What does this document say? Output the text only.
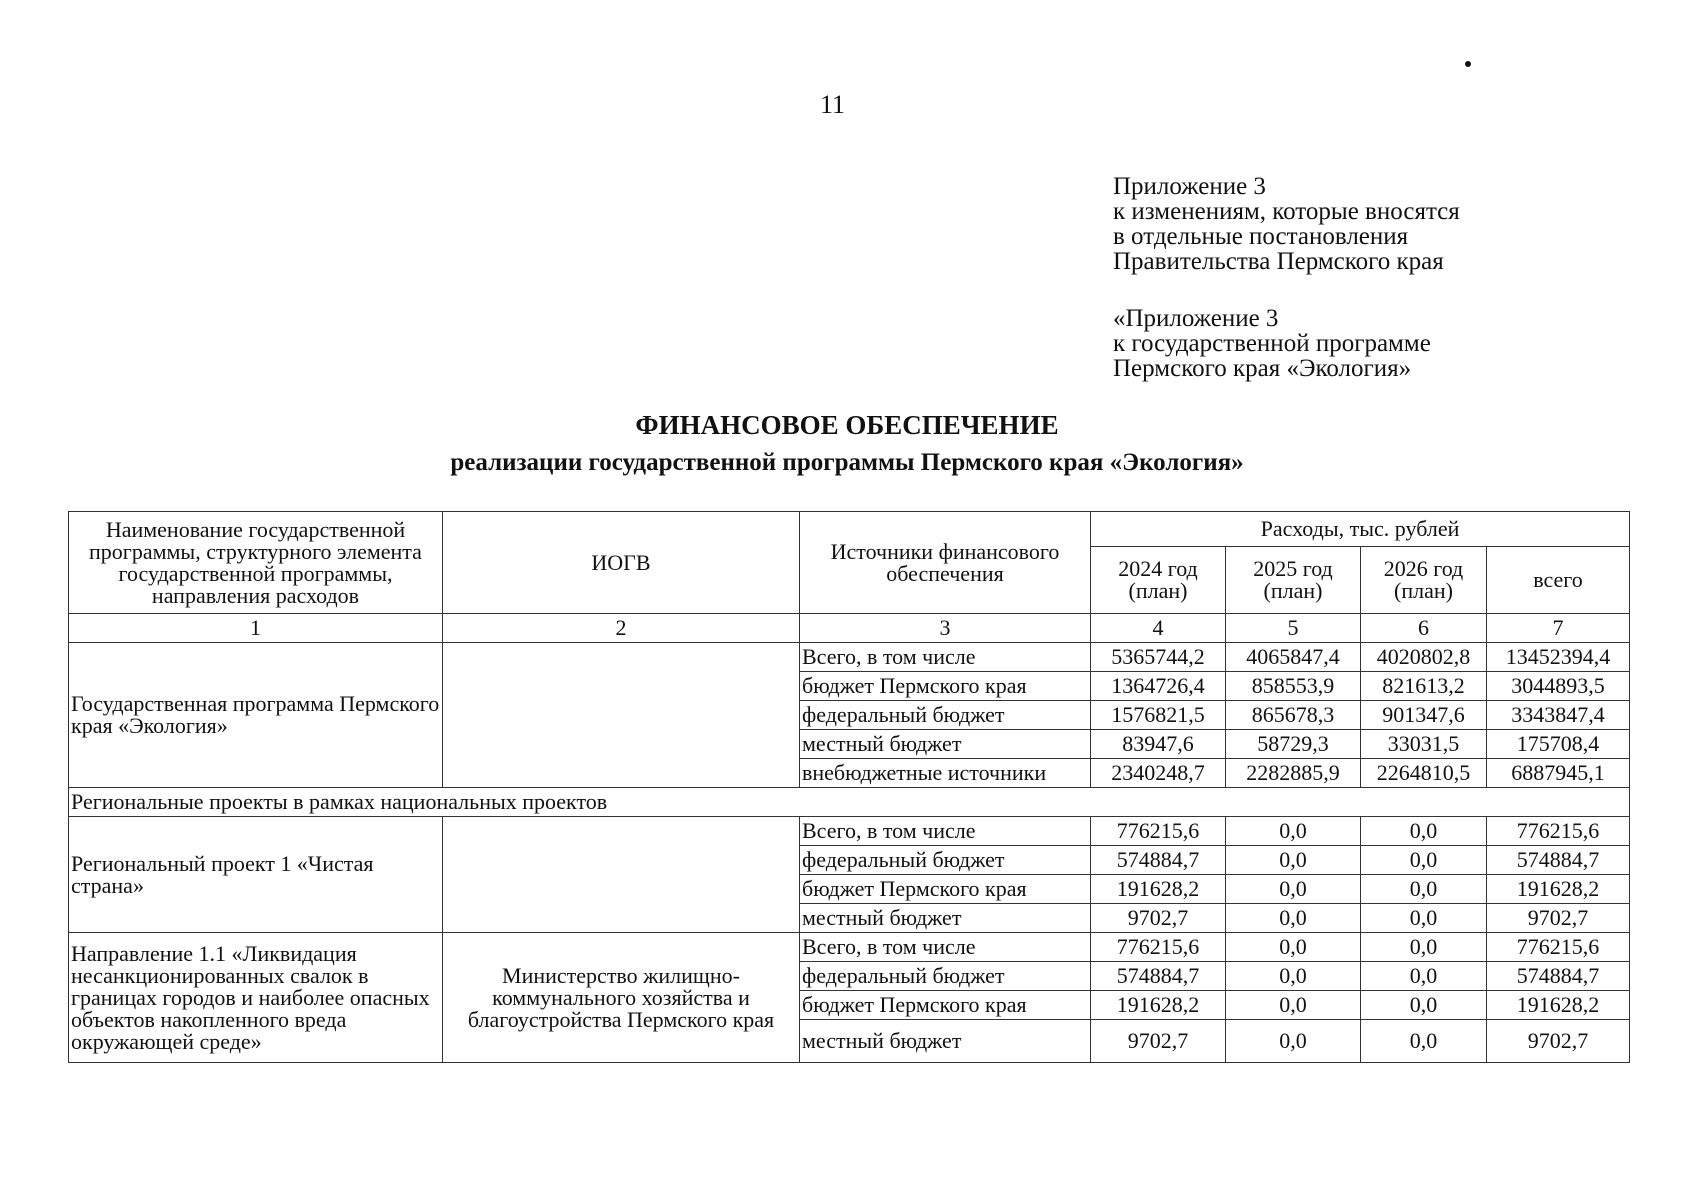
11
Приложение 3
к изменениям, которые вносятся
в отдельные постановления
Правительства Пермского края
«Приложение 3
к государственной программе
Пермского края «Экология»
ФИНАНСОВОЕ ОБЕСПЕЧЕНИЕ
реализации государственной программы Пермского края «Экология»
Наименование государственной программы, структурного элемента государственной программы, направления расходов	ИОГВ	Источники финансового обеспечения	Расходы, тыс. рублей			
			2024 год (план)	2025 год (план)	2026 год (план)	всего
1	2	3	4	5	6	7
Государственная программа Пермского края «Экология»		Всего, в том числе	5365744,2	4065847,4	4020802,8	13452394,4
		бюджет Пермского края	1364726,4	858553,9	821613,2	3044893,5
		федеральный бюджет	1576821,5	865678,3	901347,6	3343847,4
		местный бюджет	83947,6	58729,3	33031,5	175708,4
		внебюджетные источники	2340248,7	2282885,9	2264810,5	6887945,1
Региональные проекты в рамках национальных проектов						
Региональный проект 1 «Чистая страна»		Всего, в том числе	776215,6	0,0	0,0	776215,6
		федеральный бюджет	574884,7	0,0	0,0	574884,7
		бюджет Пермского края	191628,2	0,0	0,0	191628,2
		местный бюджет	9702,7	0,0	0,0	9702,7
Направление 1.1 «Ликвидация несанкционированных свалок в границах городов и наиболее опасных объектов накопленного вреда окружающей среде»	Министерство жилищно-коммунального хозяйства и благоустройства Пермского края	Всего, в том числе	776215,6	0,0	0,0	776215,6
		федеральный бюджет	574884,7	0,0	0,0	574884,7
		бюджет Пермского края	191628,2	0,0	0,0	191628,2
		местный бюджет	9702,7	0,0	0,0	9702,7
